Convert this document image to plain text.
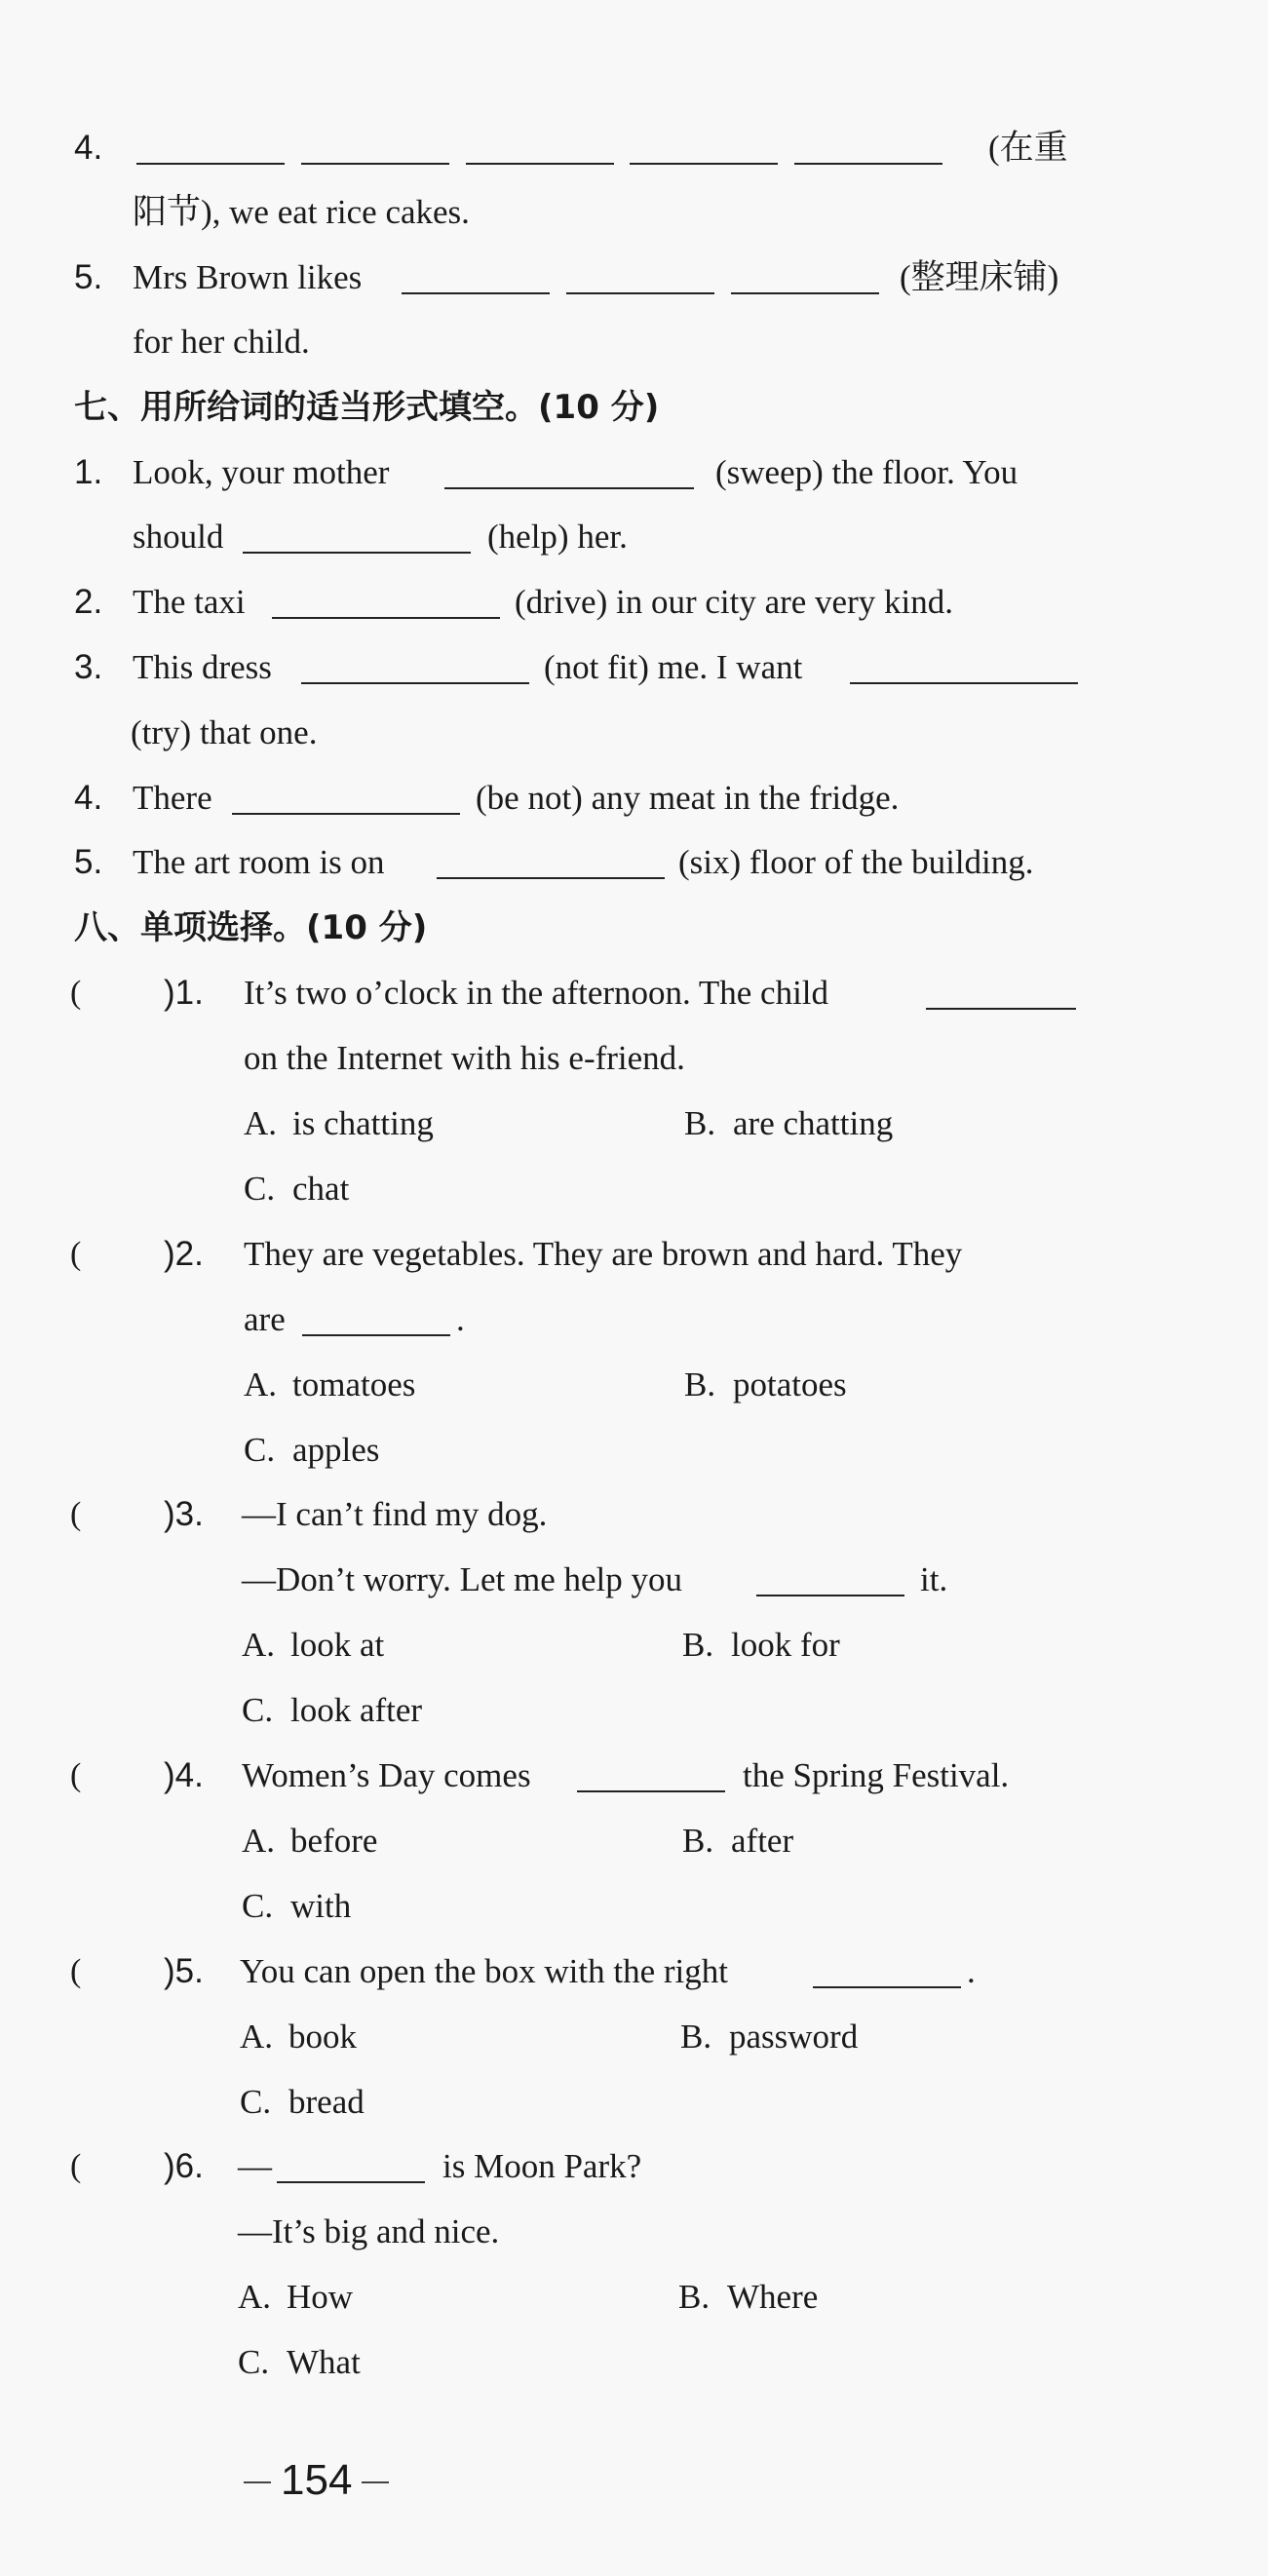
4.
	(在重
阳节), we eat rice cakes.
5. Mrs Brown likes
	(整理床铺)
for her child.
七、用所给词的适当形式填空。(10 分)
1. Look, your mother	(sweep) the floor. You
should	(help) her.
2. The taxi	(drive) in our city are very kind.
3. This dress	(not fit) me. I want
(try) that one.
4. There	(be not) any meat in the fridge.
5. The art room is on	(six) floor of the building.
八、单项选择。(10 分)
( )1. It’s two o’clock in the afternoon. The child
on the Internet with his e-friend.
A. is chatting	B. are chatting
C. chat
( )2. They are vegetables. They are brown and hard. They
are	.
A. tomatoes	B. potatoes
C. apples
( )3. —I can’t find my dog.
—Don’t worry. Let me help you	it.
A. look at	B. look for
C. look after
( )4. Women’s Day comes	the Spring Festival.
A. before	B. after
C. with
( )5. You can open the box with the right	.
A. book	B. password
C. bread
( )6. —	is Moon Park?
—It’s big and nice.
A. How	B. Where
C. What
154
